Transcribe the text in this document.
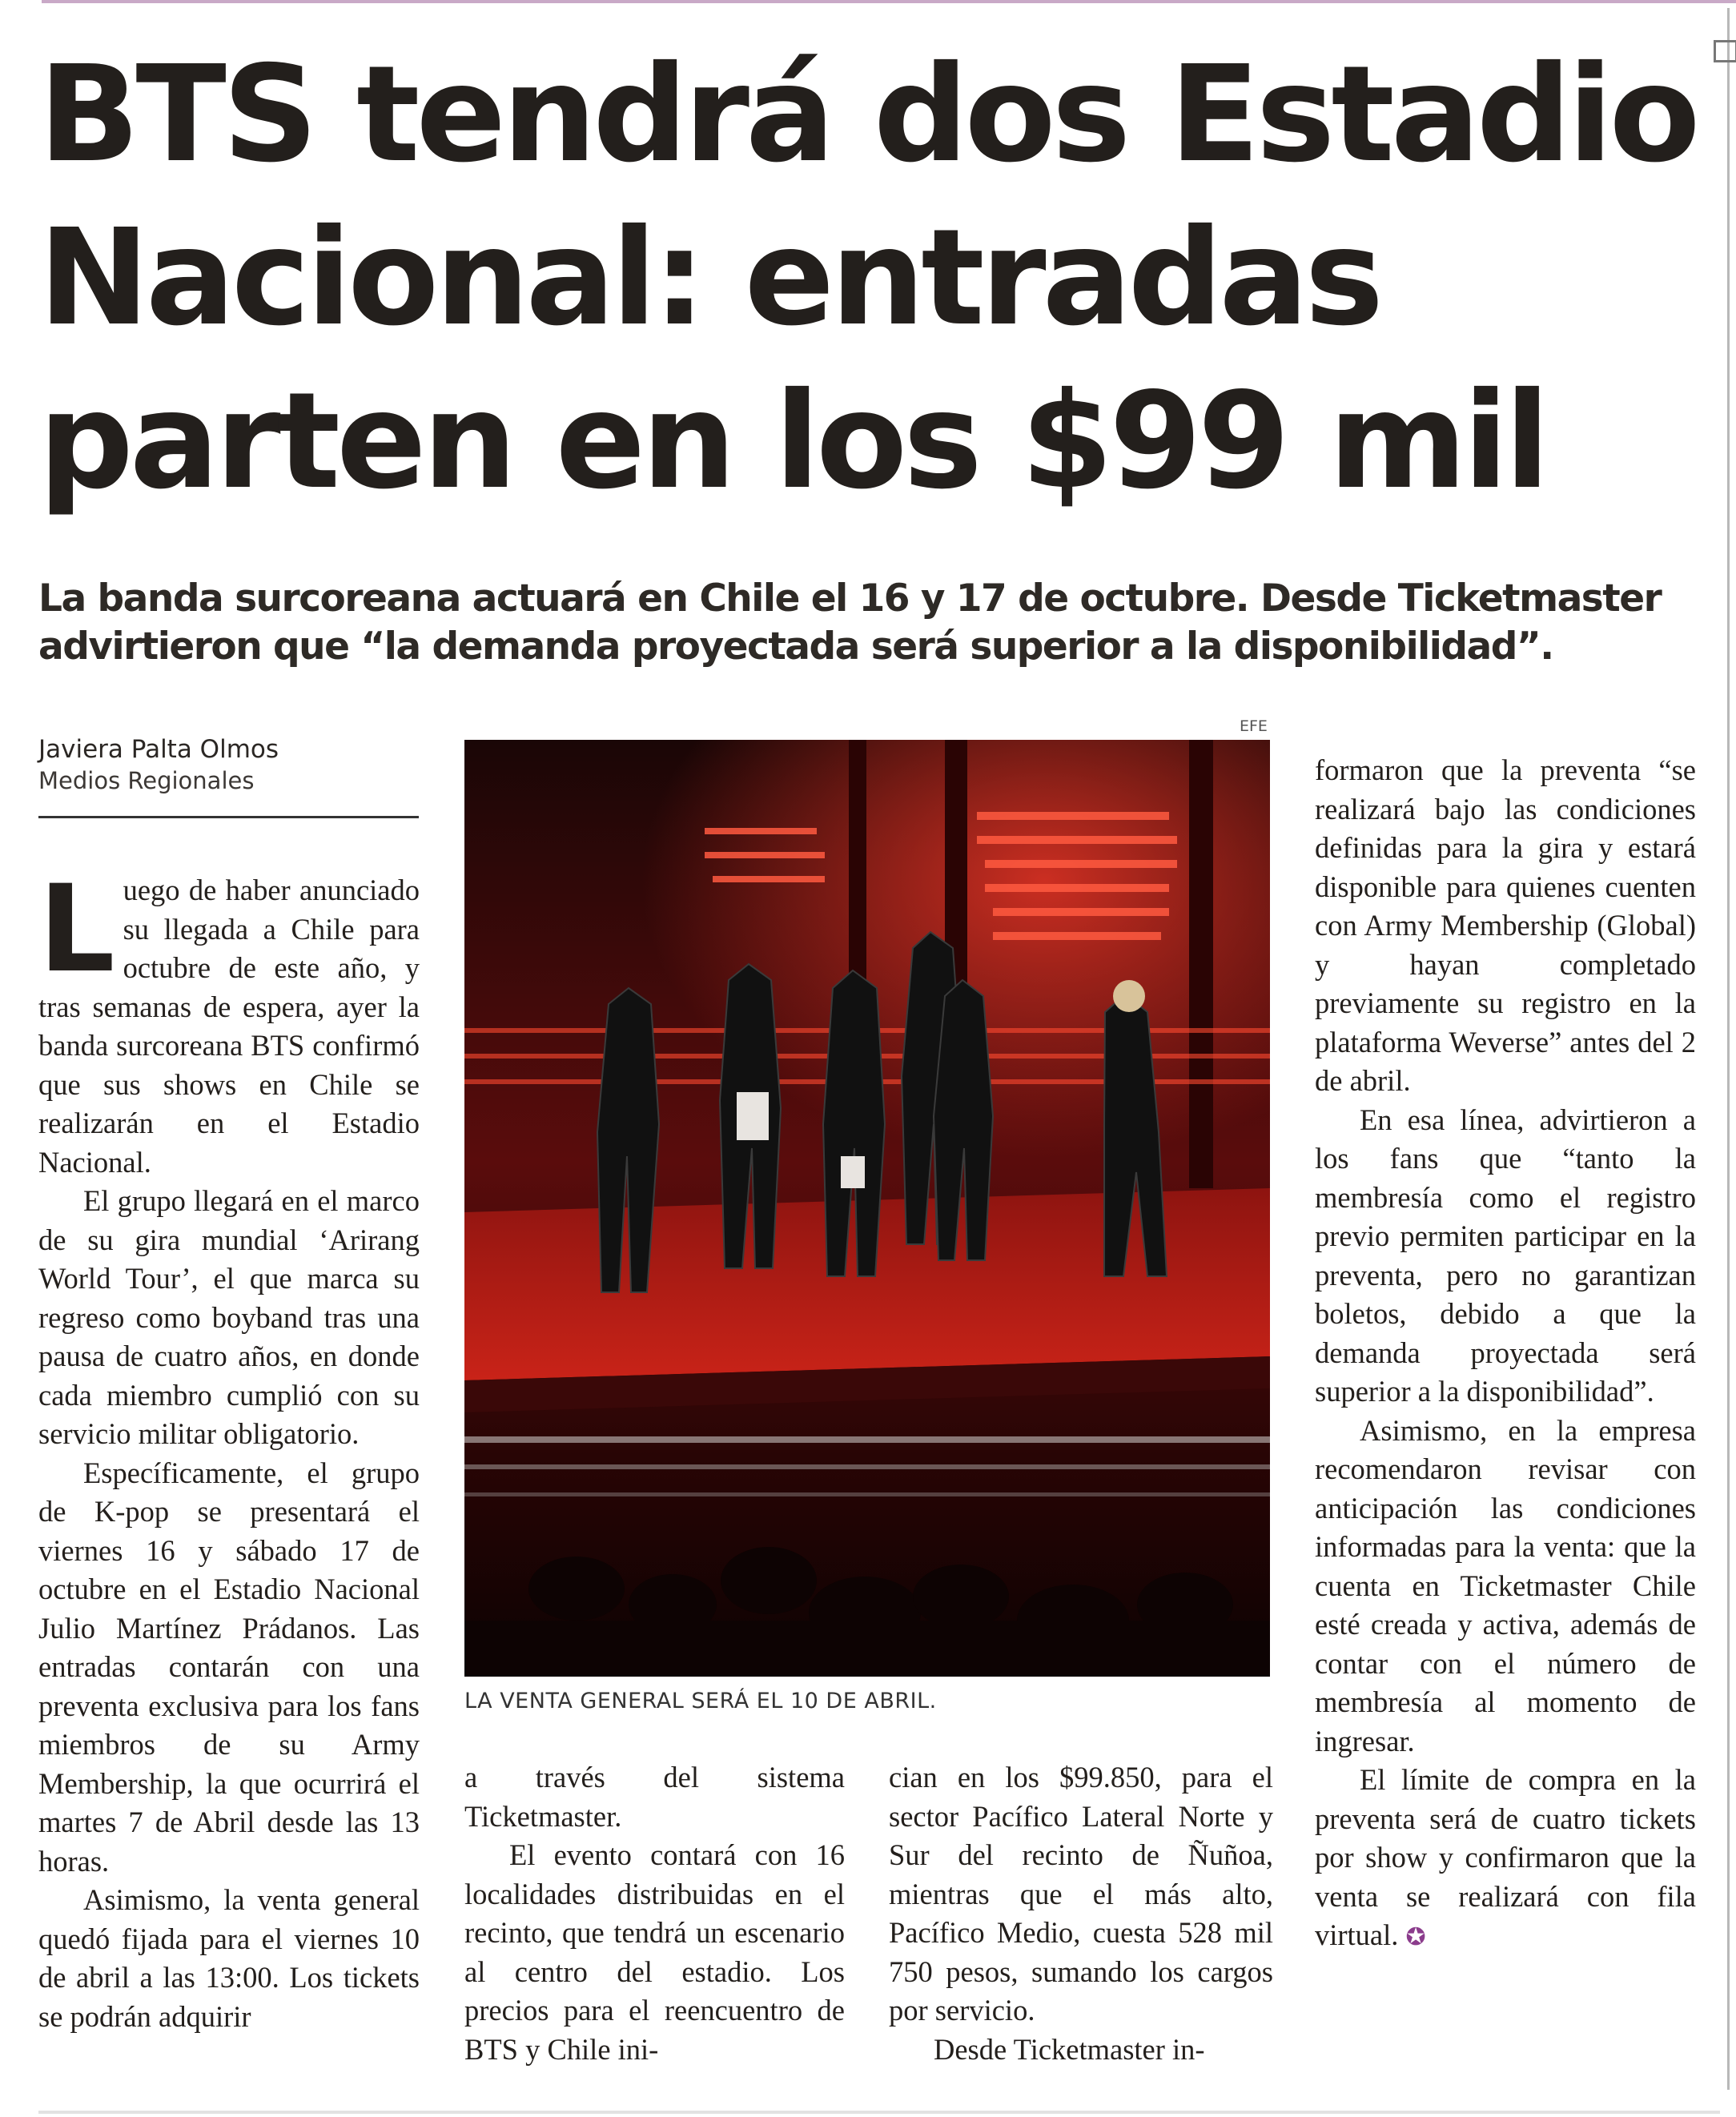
BTS tendrá dos Estadio Nacional: entradas parten en los $99 mil
La banda surcoreana actuará en Chile el 16 y 17 de octubre. Desde Ticketmaster advirtieron que “la demanda proyectada será superior a la disponibilidad”.
Javiera Palta Olmos
Medios Regionales

Luego de haber anunciado su llegada a Chile para octubre de este año, y tras semanas de espera, ayer la banda surcoreana BTS confirmó que sus shows en Chile se realizarán en el Estadio Nacional.

El grupo llegará en el marco de su gira mundial ‘Arirang World Tour’, el que marca su regreso como boyband tras una pausa de cuatro años, en donde cada miembro cumplió con su servicio militar obligatorio.

Específicamente, el grupo de K-pop se presentará el viernes 16 y sábado 17 de octubre en el Estadio Nacional Julio Martínez Prádanos. Las entradas contarán con una preventa exclusiva para los fans miembros de su Army Membership, la que ocurrirá el martes 7 de Abril desde las 13 horas.

Asimismo, la venta general quedó fijada para el viernes 10 de abril a las 13:00. Los tickets se podrán adquirir

EFE
LA VENTA GENERAL SERÁ EL 10 DE ABRIL.

a través del sistema Ticketmaster.

El evento contará con 16 localidades distribuidas en el recinto, que tendrá un escenario al centro del estadio. Los precios para el reencuentro de BTS y Chile ini-

cian en los $99.850, para el sector Pacífico Lateral Norte y Sur del recinto de Ñuñoa, mientras que el más alto, Pacífico Medio, cuesta 528 mil 750 pesos, sumando los cargos por servicio.

Desde Ticketmaster in-

formaron que la preventa “se realizará bajo las condiciones definidas para la gira y estará disponible para quienes cuenten con Army Membership (Global) y hayan completado previamente su registro en la plataforma Weverse” antes del 2 de abril.

En esa línea, advirtieron a los fans que “tanto la membresía como el registro previo permiten participar en la preventa, pero no garantizan boletos, debido a que la demanda proyectada será superior a la disponibilidad”.

Asimismo, en la empresa recomendaron revisar con anticipación las condiciones informadas para la venta: que la cuenta en Ticketmaster Chile esté creada y activa, además de contar con el número de membresía al momento de ingresar.

El límite de compra en la preventa será de cuatro tickets por show y confirmaron que la venta se realizará con fila virtual. ✪
